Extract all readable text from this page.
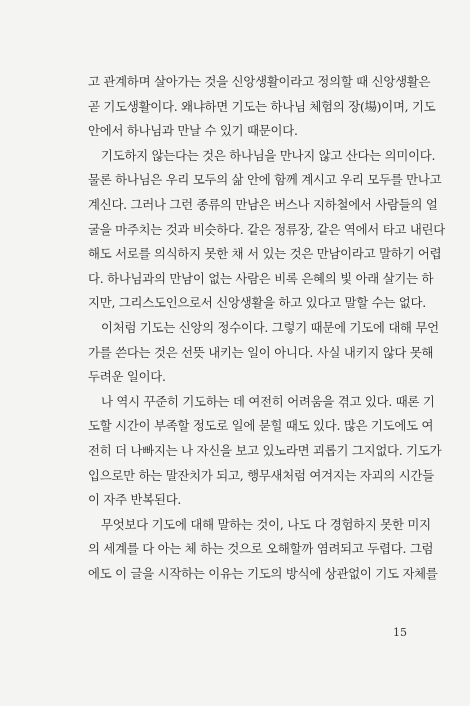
고 관계하며 살아가는 것을 신앙생활이라고 정의할 때 신앙생활은
곧 기도생활이다. 왜냐하면 기도는 하나님 체험의 장(場)이며, 기도
안에서 하나님과 만날 수 있기 때문이다.
기도하지 않는다는 것은 하나님을 만나지 않고 산다는 의미이다.
물론 하나님은 우리 모두의 삶 안에 함께 계시고 우리 모두를 만나고
계신다. 그러나 그런 종류의 만남은 버스나 지하철에서 사람들의 얼
굴을 마주치는 것과 비슷하다. 같은 정류장, 같은 역에서 타고 내린다
해도 서로를 의식하지 못한 채 서 있는 것은 만남이라고 말하기 어렵
다. 하나님과의 만남이 없는 사람은 비록 은혜의 빛 아래 살기는 하
지만, 그리스도인으로서 신앙생활을 하고 있다고 말할 수는 없다.
이처럼 기도는 신앙의 정수이다. 그렇기 때문에 기도에 대해 무언
가를 쓴다는 것은 선뜻 내키는 일이 아니다. 사실 내키지 않다 못해
두려운 일이다.
나 역시 꾸준히 기도하는 데 여전히 어려움을 겪고 있다. 때론 기
도할 시간이 부족할 정도로 일에 묻힐 때도 있다. 많은 기도에도 여
전히 더 나빠지는 나 자신을 보고 있노라면 괴롭기 그지없다. 기도가
입으로만 하는 말잔치가 되고, 행무새처럼 여겨지는 자괴의 시간들
이 자주 반복된다.
무엇보다 기도에 대해 말하는 것이, 나도 다 경험하지 못한 미지
의 세계를 다 아는 체 하는 것으로 오해할까 염려되고 두렵다. 그럼
에도 이 글을 시작하는 이유는 기도의 방식에 상관없이 기도 자체를
15
